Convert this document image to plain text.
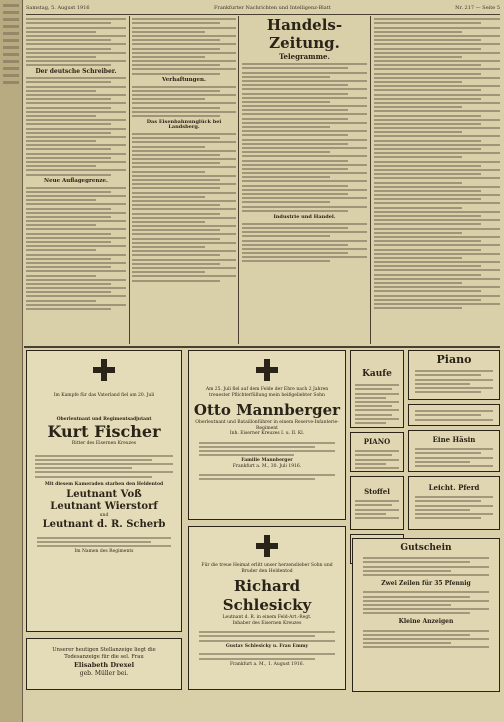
Samstag, 5. August 1916	Frankfurter Nachrichten und Intelligenz-Blatt	Nr. 217 — Seite 5
Der deutsche Schreiber.
Neue Auflagegrenze.
Verhaftungen.
Das Eisenbahnunglück bei Landsberg.
Handels-Zeitung.
Telegramme.
Industrie und Handel.
Im Kampfe für das Vaterland fiel am 20. Juli
Oberleutnant und Regimentsadjutant
Kurt Fischer
Ritter des Eisernen Kreuzes
Mit diesem Kameraden starben den Heldentod
Leutnant Voß
Leutnant Wierstorf
und
Leutnant d. R. Scherb
Im Namen des Regiments
Unserer heutigen Stellanzeige liegt die Todesanzeige für die sel. Frau
Elisabeth Drexel
geb. Müller bei.
Am 25. Juli fiel auf dem Felde der Ehre nach 2 Jahren treuester Pflichterfüllung mein heißgeliebter Sohn
Otto Mannberger
Oberleutnant und Bataillonführer in einem Reserve-Infanterie-Regiment
Inh. Eiserner Kreuzes I. u. II. Kl.
Familie Mannberger
Frankfurt a. M., 30. Juli 1916.
Für die treue Heimat erlitt unser herzenslieber Sohn und Bruder den Heldentod
Richard Schlesicky
Leutnant d. R. in einem Feld-Art.-Regt.
Inhaber des Eisernen Kreuzes
Gustav Schlesicky u. Frau Emmy
Frankfurt a. M., 1. August 1916.
Kaufe
Piano
PIANO
Stoffel
Eine Häsin
Leicht. Pferd
Gutschein
Zwei Zeilen für 35 Pfennig
Kleine Anzeigen
